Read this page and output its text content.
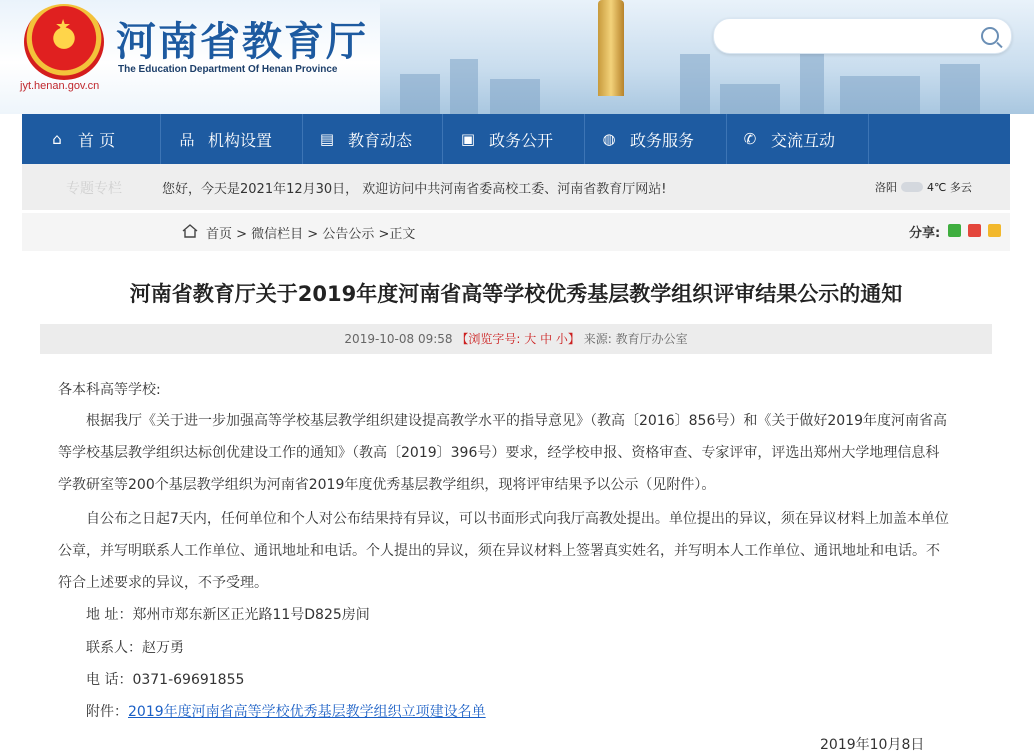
★
jyt.henan.gov.cn
河南省教育厅
The Education Department Of Henan Province
⌂ 首 页	品 机构设置	▤ 教育动态	▣ 政务公开	◍ 政务服务	✆ 交流互动
专题专栏	您好，今天是2021年12月30日， 欢迎访问中共河南省委高校工委、河南省教育厅网站!	洛阳	4℃ 多云
首页 > 微信栏目 > 公告公示 >正文	分享:
河南省教育厅关于2019年度河南省高等学校优秀基层教学组织评审结果公示的通知
2019-10-08 09:58 【浏览字号: 大 中 小】 来源: 教育厅办公室
各本科高等学校:
根据我厅《关于进一步加强高等学校基层教学组织建设提高教学水平的指导意见》（教高〔2016〕856号）和《关于做好2019年度河南省高
等学校基层教学组织达标创优建设工作的通知》（教高〔2019〕396号）要求，经学校申报、资格审查、专家评审，评选出郑州大学地理信息科
学教研室等200个基层教学组织为河南省2019年度优秀基层教学组织，现将评审结果予以公示（见附件）。
自公布之日起7天内，任何单位和个人对公布结果持有异议，可以书面形式向我厅高教处提出。单位提出的异议，须在异议材料上加盖本单位
公章，并写明联系人工作单位、通讯地址和电话。个人提出的异议，须在异议材料上签署真实姓名，并写明本人工作单位、通讯地址和电话。不
符合上述要求的异议，不予受理。
地 址：郑州市郑东新区正光路11号D825房间
联系人：赵万勇
电 话：0371-69691855
附件：2019年度河南省高等学校优秀基层教学组织立项建设名单
2019年10月8日
